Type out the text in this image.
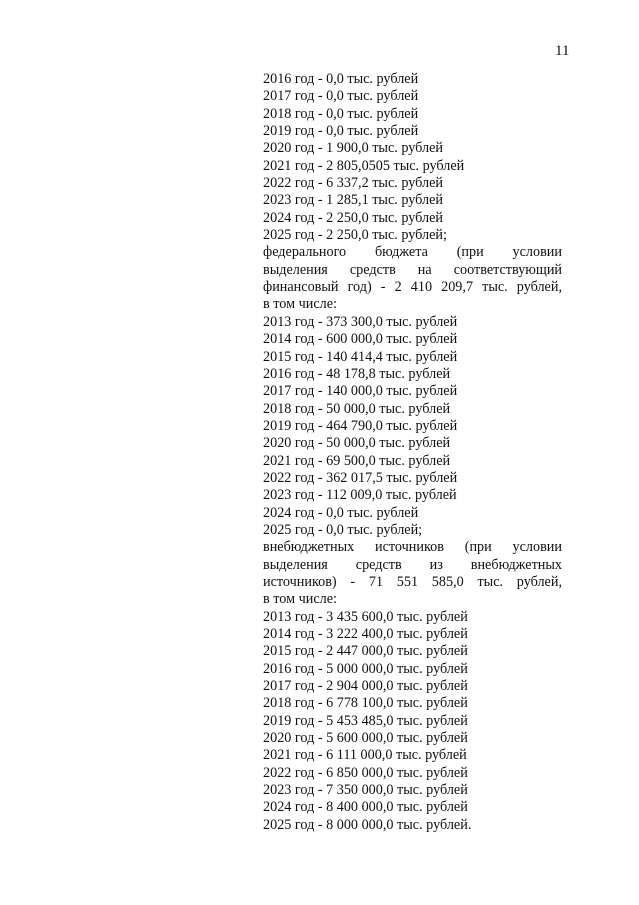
11
2016 год - 0,0 тыс. рублей
2017 год - 0,0 тыс. рублей
2018 год - 0,0 тыс. рублей
2019 год - 0,0 тыс. рублей
2020 год - 1 900,0 тыс. рублей
2021 год - 2 805,0505 тыс. рублей
2022 год - 6 337,2 тыс. рублей
2023 год - 1 285,1 тыс. рублей
2024 год - 2 250,0 тыс. рублей
2025 год - 2 250,0 тыс. рублей;
федерального бюджета (при условии
выделения средств на соответствующий
финансовый год) - 2 410 209,7 тыс. рублей,
в том числе:
2013 год - 373 300,0 тыс. рублей
2014 год - 600 000,0 тыс. рублей
2015 год - 140 414,4 тыс. рублей
2016 год - 48 178,8 тыс. рублей
2017 год - 140 000,0 тыс. рублей
2018 год - 50 000,0 тыс. рублей
2019 год - 464 790,0 тыс. рублей
2020 год - 50 000,0 тыс. рублей
2021 год - 69 500,0 тыс. рублей
2022 год - 362 017,5 тыс. рублей
2023 год - 112 009,0 тыс. рублей
2024 год - 0,0 тыс. рублей
2025 год - 0,0 тыс. рублей;
внебюджетных источников (при условии
выделения средств из внебюджетных
источников) - 71 551 585,0 тыс. рублей,
в том числе:
2013 год - 3 435 600,0 тыс. рублей
2014 год - 3 222 400,0 тыс. рублей
2015 год - 2 447 000,0 тыс. рублей
2016 год - 5 000 000,0 тыс. рублей
2017 год - 2 904 000,0 тыс. рублей
2018 год - 6 778 100,0 тыс. рублей
2019 год - 5 453 485,0 тыс. рублей
2020 год - 5 600 000,0 тыс. рублей
2021 год - 6 111 000,0 тыс. рублей
2022 год - 6 850 000,0 тыс. рублей
2023 год - 7 350 000,0 тыс. рублей
2024 год - 8 400 000,0 тыс. рублей
2025 год - 8 000 000,0 тыс. рублей.
